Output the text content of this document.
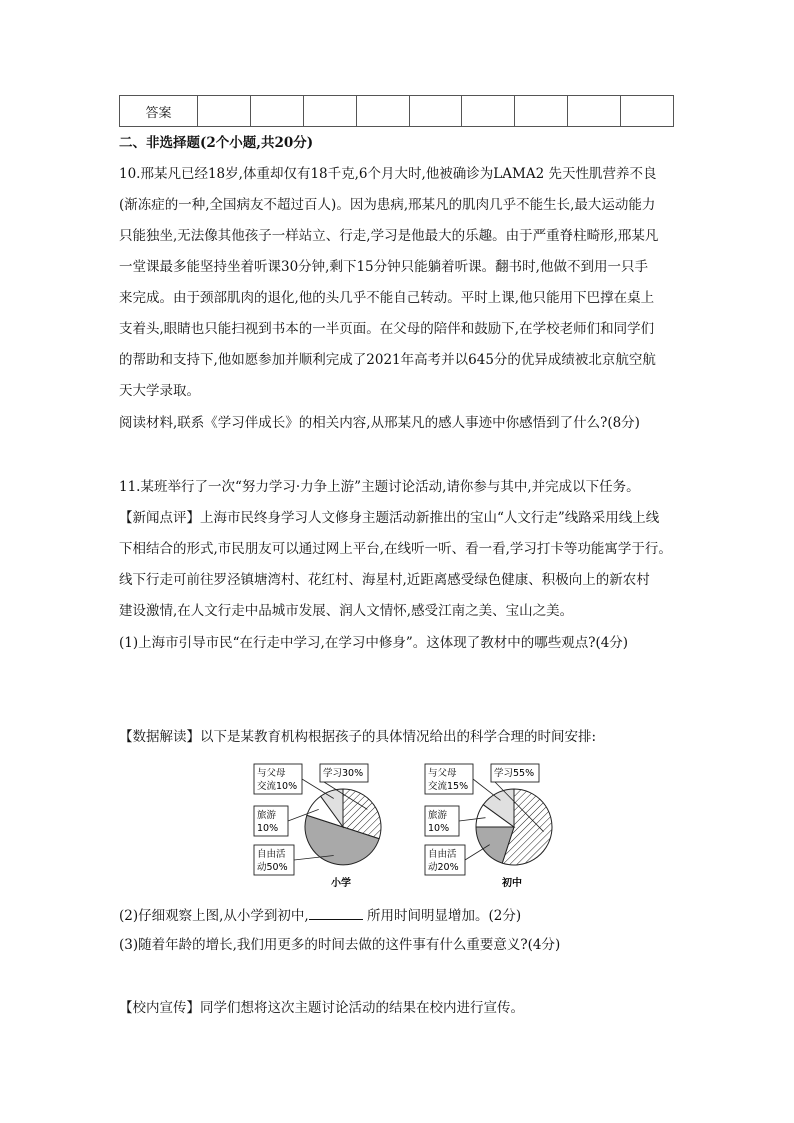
答案									
二、非选择题(2个小题,共20分)
10.邢某凡已经18岁,体重却仅有18千克,6个月大时,他被确诊为LAMA2 先天性肌营养不良
(渐冻症的一种,全国病友不超过百人)。因为患病,邢某凡的肌肉几乎不能生长,最大运动能力
只能独坐,无法像其他孩子一样站立、行走,学习是他最大的乐趣。由于严重脊柱畸形,邢某凡
一堂课最多能坚持坐着听课30分钟,剩下15分钟只能躺着听课。翻书时,他做不到用一只手
来完成。由于颈部肌肉的退化,他的头几乎不能自己转动。平时上课,他只能用下巴撑在桌上
支着头,眼睛也只能扫视到书本的一半页面。在父母的陪伴和鼓励下,在学校老师们和同学们
的帮助和支持下,他如愿参加并顺利完成了2021年高考并以645分的优异成绩被北京航空航
天大学录取。
阅读材料,联系《学习伴成长》的相关内容,从邢某凡的感人事迹中你感悟到了什么?(8分)
11.某班举行了一次“努力学习·力争上游”主题讨论活动,请你参与其中,并完成以下任务。
【新闻点评】上海市民终身学习人文修身主题活动新推出的宝山“人文行走”线路采用线上线
下相结合的形式,市民朋友可以通过网上平台,在线听一听、看一看,学习打卡等功能寓学于行。
线下行走可前往罗泾镇塘湾村、花红村、海星村,近距离感受绿色健康、积极向上的新农村
建设激情,在人文行走中品城市发展、润人文情怀,感受江南之美、宝山之美。
(1)上海市引导市民“在行走中学习,在学习中修身”。这体现了教材中的哪些观点?(4分)
【数据解读】以下是某教育机构根据孩子的具体情况给出的科学合理的时间安排:
学习30%
与父母
交流10%
旅游
10%
自由活
动50%
小学
学习55%
与父母
交流15%
旅游
10%
自由活
动20%
初中
(2)仔细观察上图,从小学到初中,	所用时间明显增加。(2分)
(3)随着年龄的增长,我们用更多的时间去做的这件事有什么重要意义?(4分)
【校内宣传】同学们想将这次主题讨论活动的结果在校内进行宣传。
